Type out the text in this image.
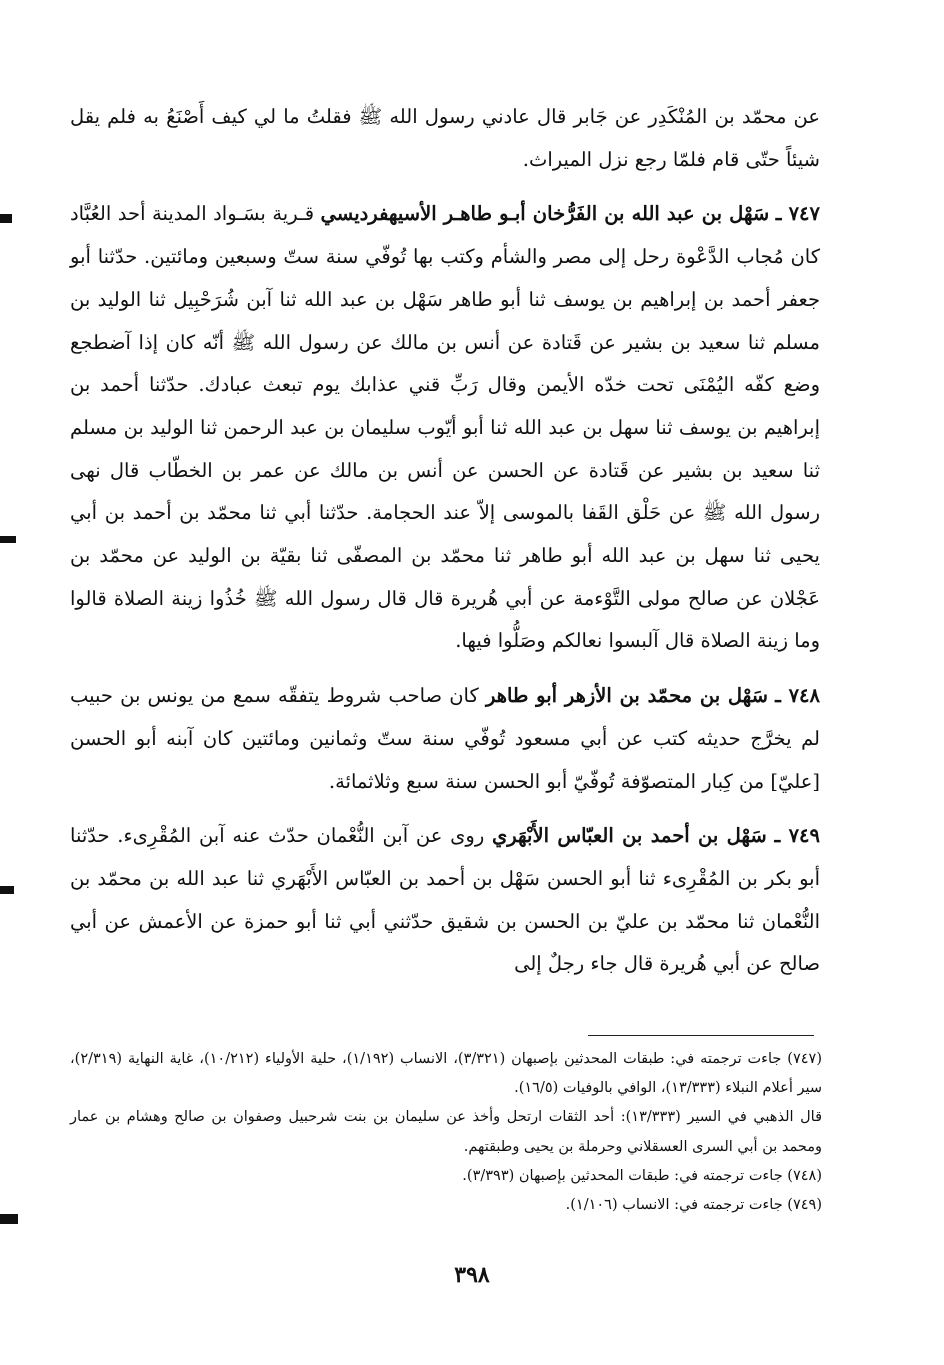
عن محمّد بن المُنْكَدِر عن جَابر قال عادني رسول الله ﷺ فقلتُ ما لي كيف أَصْنَعُ به فلم يقل شيئاً حتّى قام فلمّا رجع نزل الميراث.

٧٤٧ ـ سَهْل بن عبد الله بن الفَرُّخان أبـو طاهـر الأسيهفرديسي قـرية بسَـواد المدينة أحد العُبَّاد كان مُجاب الدَّعْوة رحل إلى مصر والشأم وكتب بها تُوفّي سنة ستّ وسبعين ومائتين. حدّثنا أبو جعفر أحمد بن إبراهيم بن يوسف ثنا أبو طاهر سَهْل بن عبد الله ثنا آبن شُرَحْبِيل ثنا الوليد بن مسلم ثنا سعيد بن بشير عن قَتادة عن أنس بن مالك عن رسول الله ﷺ أنّه كان إذا آضطجع وضع كفّه اليُمْنَى تحت خدّه الأيمن وقال رَبِّ قني عذابك يوم تبعث عبادك. حدّثنا أحمد بن إبراهيم بن يوسف ثنا سهل بن عبد الله ثنا أبو أيّوب سليمان بن عبد الرحمن ثنا الوليد بن مسلم ثنا سعيد بن بشير عن قَتادة عن الحسن عن أنس بن مالك عن عمر بن الخطّاب قال نهى رسول الله ﷺ عن حَلْق القَفا بالموسى إلاّ عند الحجامة. حدّثنا أبي ثنا محمّد بن أحمد بن أبي يحيى ثنا سهل بن عبد الله أبو طاهر ثنا محمّد بن المصفّى ثنا بقيّة بن الوليد عن محمّد بن عَجْلان عن صالح مولى التَّوْءمة عن أبي هُريرة قال قال رسول الله ﷺ خُذُوا زينة الصلاة قالوا وما زينة الصلاة قال آلبسوا نعالكم وصَلُّوا فيها.

٧٤٨ ـ سَهْل بن محمّد بن الأزهر أبو طاهر كان صاحب شروط يتفقّه سمع من يونس بن حبيب لم يخرَّج حديثه كتب عن أبي مسعود تُوفّي سنة ستّ وثمانين ومائتين كان آبنه أبو الحسن [عليّ] من كِبار المتصوّفة تُوفّيّ أبو الحسن سنة سبع وثلاثمائة.

٧٤٩ ـ سَهْل بن أحمد بن العبّاس الأَبْهَري روى عن آبن النُّعْمان حدّث عنه آبن المُقْرِىء. حدّثنا أبو بكر بن المُقْرِىء ثنا أبو الحسن سَهْل بن أحمد بن العبّاس الأَبْهَري ثنا عبد الله بن محمّد بن النُّعْمان ثنا محمّد بن عليّ بن الحسن بن شقيق حدّثني أبي ثنا أبو حمزة عن الأعمش عن أبي صالح عن أبي هُريرة قال جاء رجلٌ إلى

(٧٤٧) جاءت ترجمته في: طبقات المحدثين بإصبهان (٣/٣٢١)، الانساب (١/١٩٢)، حلية الأولياء (١٠/٢١٢)، غاية النهاية (٢/٣١٩)، سير أعلام النبلاء (١٣/٣٣٣)، الوافي بالوفيات (١٦/٥).

قال الذهبي في السير (١٣/٣٣٣): أحد الثقات ارتحل وأخذ عن سليمان بن بنت شرحبيل وصفوان بن صالح وهشام بن عمار ومحمد بن أبي السرى العسقلاني وحرملة بن يحيى وطبقتهم.

(٧٤٨) جاءت ترجمته في: طبقات المحدثين بإصبهان (٣/٣٩٣).

(٧٤٩) جاءت ترجمته في: الانساب (١/١٠٦).

٣٩٨
